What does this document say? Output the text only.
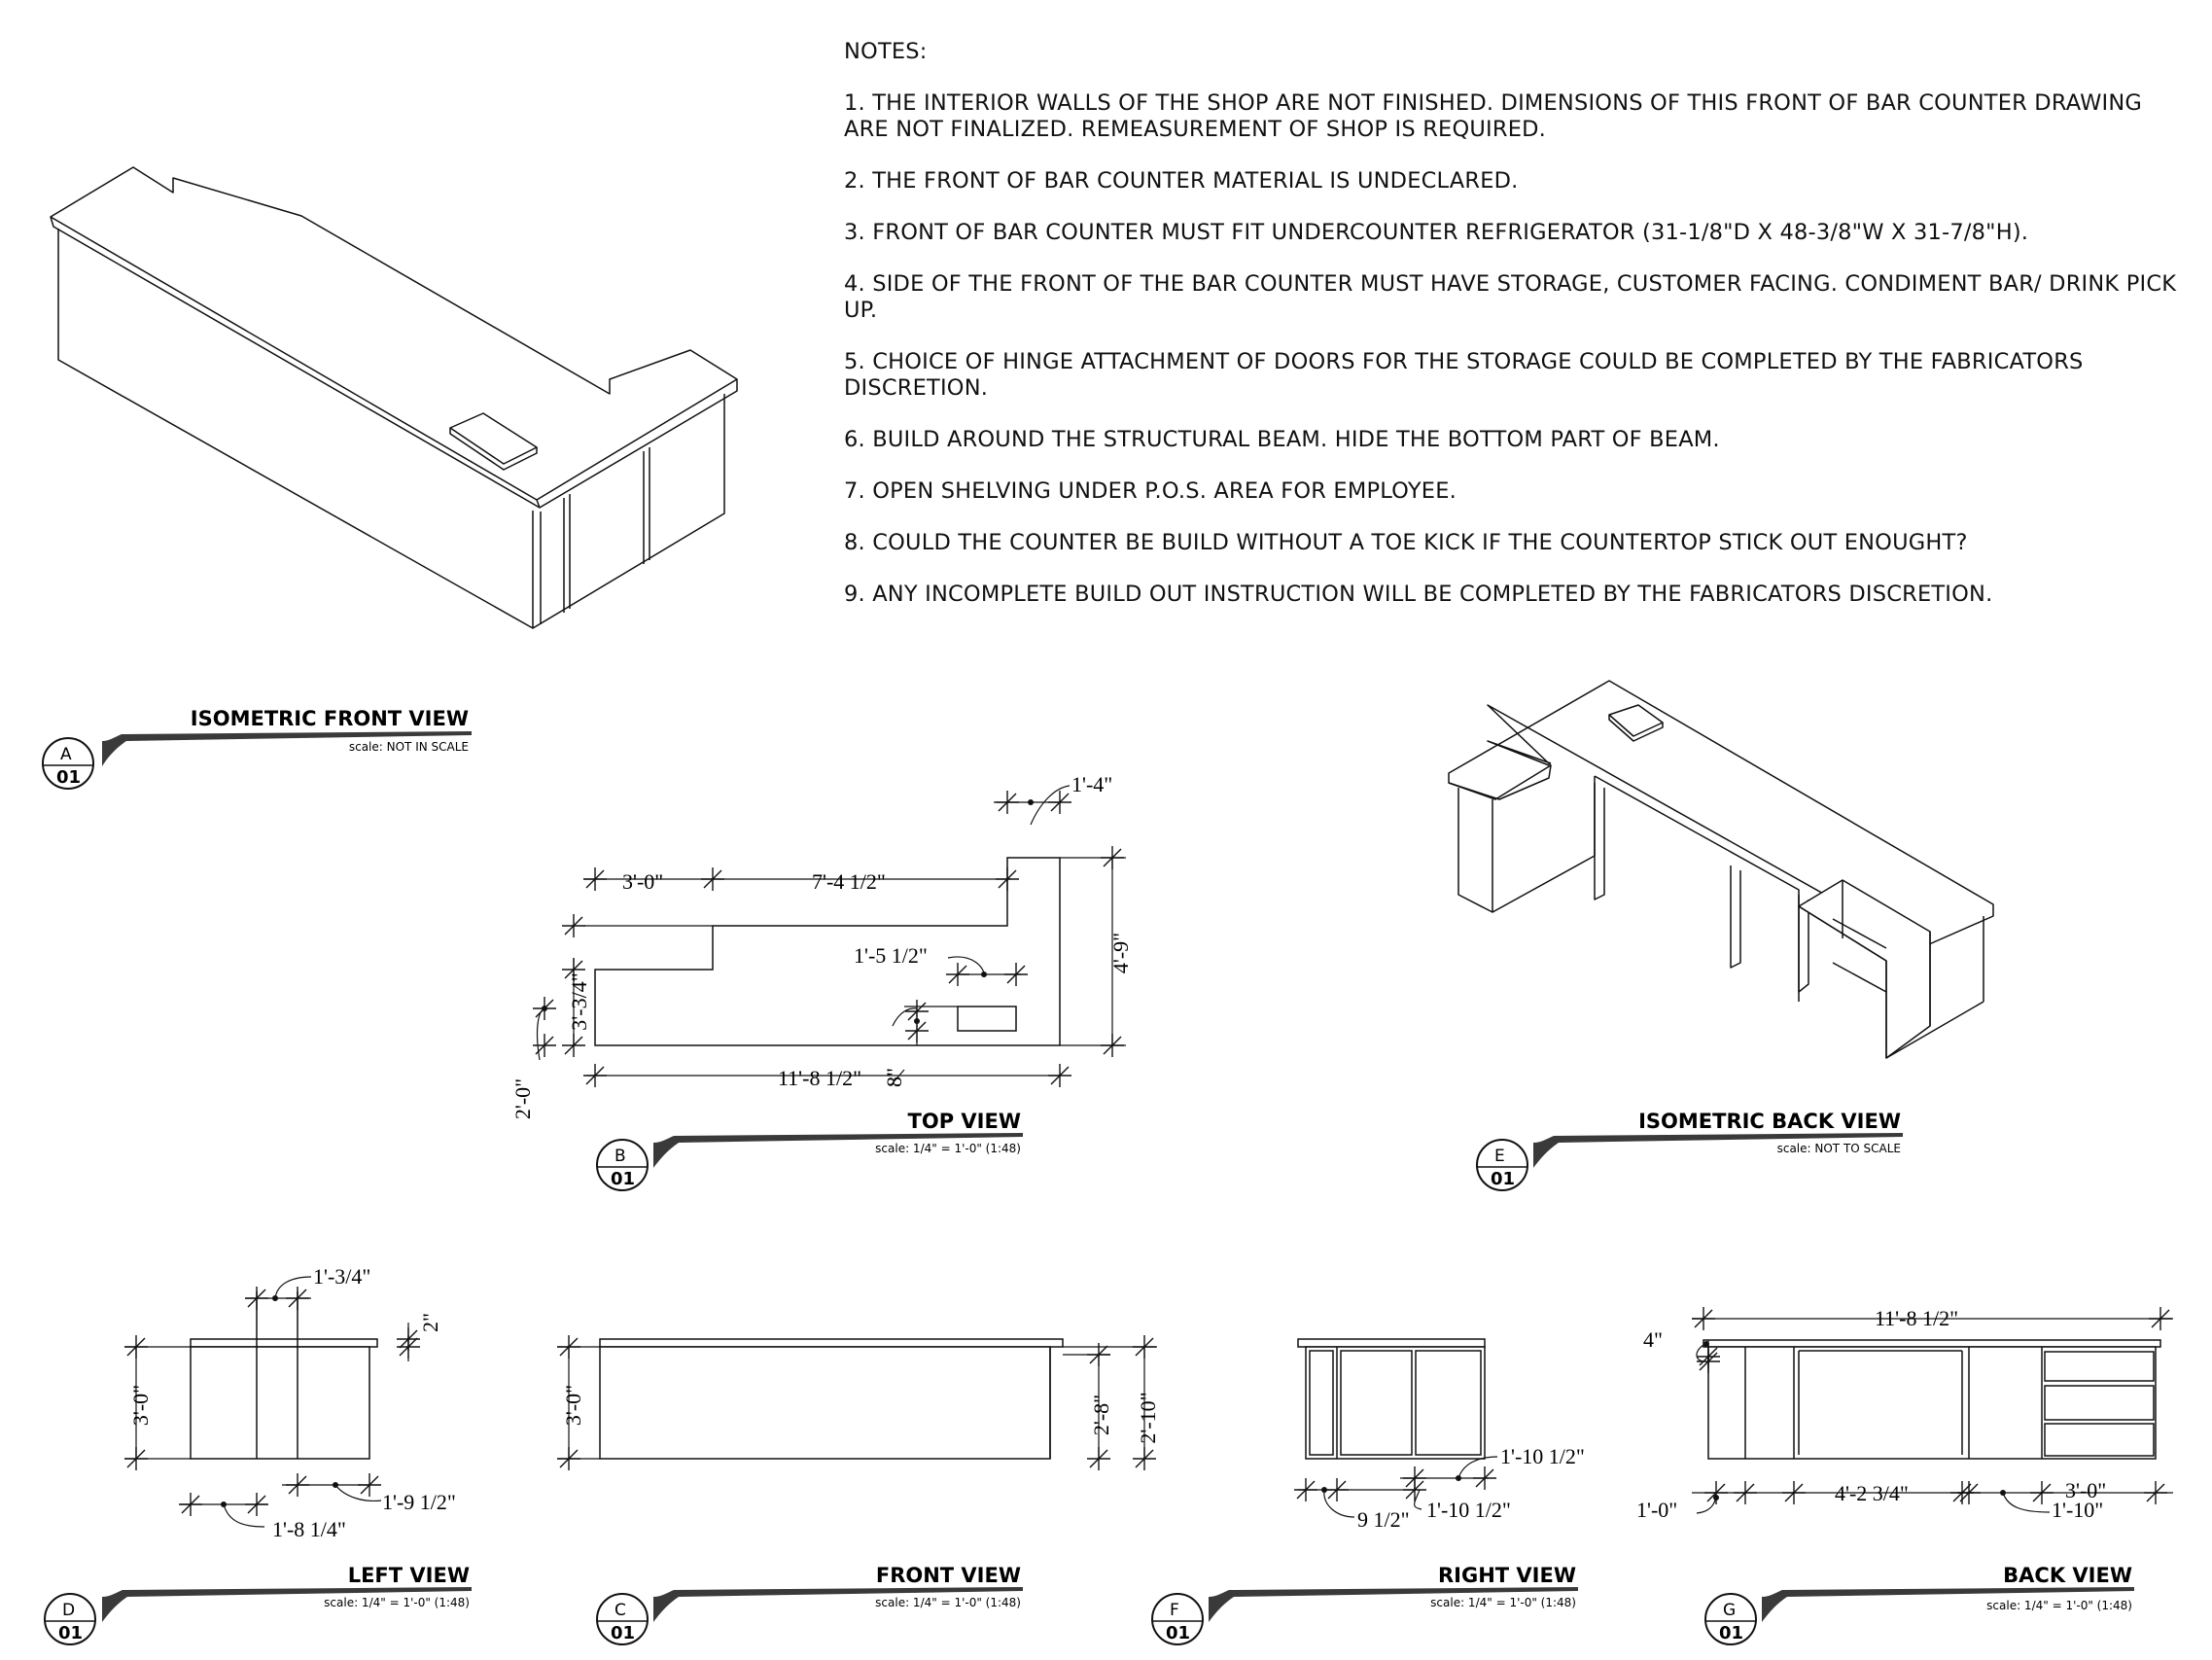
NOTES:
1. THE INTERIOR WALLS OF THE SHOP ARE NOT FINISHED. DIMENSIONS OF THIS FRONT OF BAR COUNTER DRAWING ARE NOT FINALIZED. REMEASUREMENT OF SHOP IS REQUIRED.
2. THE FRONT OF BAR COUNTER MATERIAL IS UNDECLARED.
3. FRONT OF BAR COUNTER MUST FIT UNDERCOUNTER REFRIGERATOR (31-1/8"D X 48-3/8"W X 31-7/8"H).
4. SIDE OF THE FRONT OF THE BAR COUNTER MUST HAVE STORAGE, CUSTOMER FACING. CONDIMENT BAR/ DRINK PICK UP.
5. CHOICE OF HINGE ATTACHMENT OF DOORS FOR THE STORAGE COULD BE COMPLETED BY THE FABRICATORS DISCRETION.
6. BUILD AROUND THE STRUCTURAL BEAM. HIDE THE BOTTOM PART OF BEAM.
7. OPEN SHELVING UNDER P.O.S. AREA FOR EMPLOYEE.
8. COULD THE COUNTER BE BUILD WITHOUT A TOE KICK IF THE COUNTERTOP STICK OUT ENOUGHT?
9. ANY INCOMPLETE BUILD OUT INSTRUCTION WILL BE COMPLETED BY THE FABRICATORS DISCRETION.
1'-4"
3'-0"	7'-4 1/2"
1'-5 1/2"	4'-9"
3'-3/4"
2'-0"
11'-8 1/2" 8"
1'-3/4"
2"
3'-0"
1'-9 1/2"
1'-8 1/4"
3'-0"	2'-8" 2'-10"
1'-10 1/2"
1'-10 1/2"
9 1/2"
11'-8 1/2"
4"
1'-0"
4'-2 3/4"	3'-0"
1'-10"
A
01
ISOMETRIC FRONT VIEW
scale: NOT IN SCALE
B
01
TOP VIEW
scale: 1/4" = 1'-0" (1:48)	E
01
ISOMETRIC BACK VIEW
scale: NOT TO SCALE
D
01
LEFT VIEW
scale: 1/4" = 1'-0" (1:48)	C
01
FRONT VIEW
scale: 1/4" = 1'-0" (1:48)	F
01
RIGHT VIEW
scale: 1/4" = 1'-0" (1:48)	G
01
BACK VIEW
scale: 1/4" = 1'-0" (1:48)
